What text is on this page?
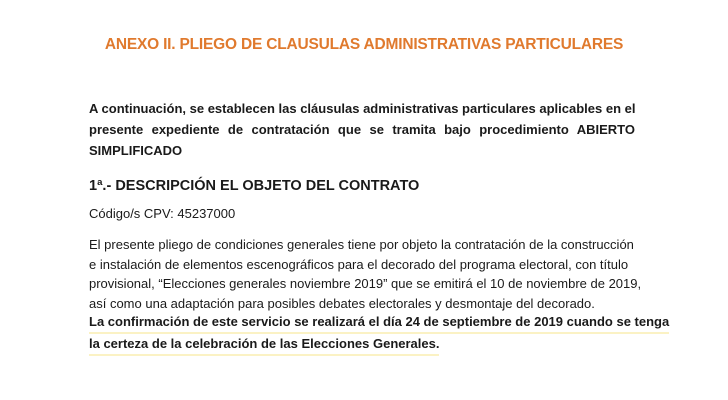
ANEXO II. PLIEGO DE CLAUSULAS ADMINISTRATIVAS PARTICULARES
A continuación, se establecen las cláusulas administrativas particulares aplicables en el
presente expediente de contratación que se tramita bajo procedimiento ABIERTO
SIMPLIFICADO
1ª.- DESCRIPCIÓN EL OBJETO DEL CONTRATO
Código/s CPV: 45237000
El presente pliego de condiciones generales tiene por objeto la contratación de la construcción
e instalación de elementos escenográficos para el decorado del programa electoral, con título
provisional, “Elecciones generales noviembre 2019” que se emitirá el 10 de noviembre de 2019,
así como una adaptación para posibles debates electorales y desmontaje del decorado.
La confirmación de este servicio se realizará el día 24 de septiembre de 2019 cuando se tenga
la certeza de la celebración de las Elecciones Generales.
